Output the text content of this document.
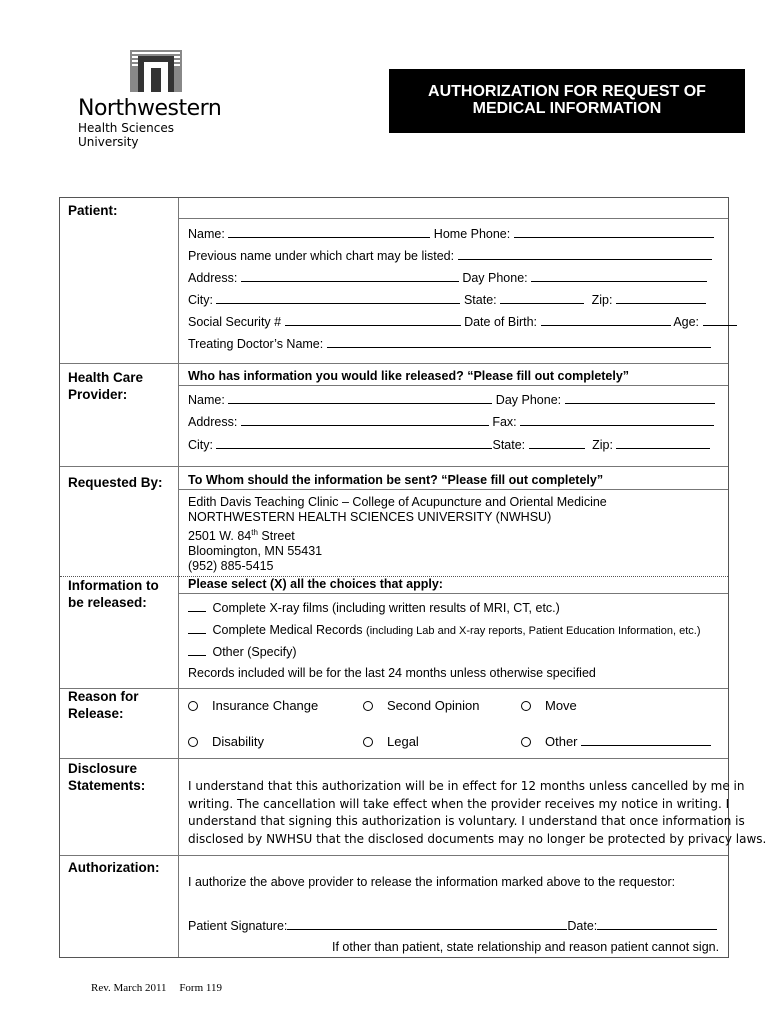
Northwestern
Health Sciences University
AUTHORIZATION FOR REQUEST OF
MEDICAL INFORMATION
Patient:
Name:	Home Phone:
Previous name under which chart may be listed:
Address:	Day Phone:
City:	State:	Zip:
Social Security #	Date of Birth:	Age:
Treating Doctor’s Name:
Health Care
Provider:
Who has information you would like released? “Please fill out completely”
Name:	Day Phone:
Address:	Fax:
City:	State:	Zip:
Requested By: To Whom should the information be sent? “Please fill out completely”
Edith Davis Teaching Clinic – College of Acupuncture and Oriental Medicine
NORTHWESTERN HEALTH SCIENCES UNIVERSITY (NWHSU)
2501 W. 84th Street
Bloomington, MN 55431
(952) 885-5415
Information to
be released:
Please select (X) all the choices that apply:
Complete X-ray films (including written results of MRI, CT, etc.)
Complete Medical Records (including Lab and X-ray reports, Patient Education Information, etc.)
Other (Specify)
Records included will be for the last 24 months unless otherwise specified
Reason for
Release:
Insurance Change	Second Opinion	Move
Disability	Legal	Other
Disclosure
Statements:	I understand that this authorization will be in effect for 12 months unless cancelled by me in
writing. The cancellation will take effect when the provider receives my notice in writing. I
understand that signing this authorization is voluntary. I understand that once information is
disclosed by NWHSU that the disclosed documents may no longer be protected by privacy laws.
Authorization:
I authorize the above provider to release the information marked above to the requestor:
Patient Signature:	Date:
If other than patient, state relationship and reason patient cannot sign.
Rev. March 2011 Form 119
